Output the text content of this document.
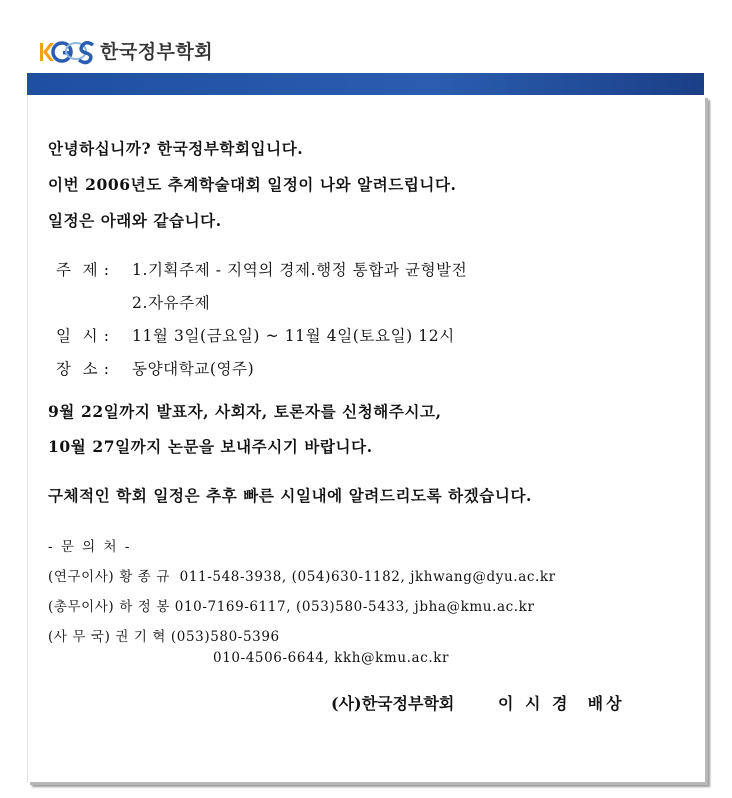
한국정부학회
안녕하십니까? 한국정부학회입니다.
이번 2006년도 추계학술대회 일정이 나와 알려드립니다.
일정은 아래와 같습니다.
주  제 : 1.기획주제 - 지역의 경제.행정 통합과 균형발전
2.자유주제
일  시 : 11월 3일(금요일) ~ 11월 4일(토요일) 12시
장  소 : 동양대학교(영주)
9월 22일까지 발표자, 사회자, 토론자를 신청해주시고,
10월 27일까지 논문을 보내주시기 바랍니다.
구체적인 학회 일정은 추후 빠른 시일내에 알려드리도록 하겠습니다.
- 문 의 처 -
(연구이사) 황 종 규  011-548-3938, (054)630-1182, jkhwang@dyu.ac.kr
(총무이사) 하 정 봉 010-7169-6117, (053)580-5433, jbha@kmu.ac.kr
(사 무 국) 권 기 혁 (053)580-5396
010-4506-6644, kkh@kmu.ac.kr
(사)한국정부학회	이 시 경  배상
